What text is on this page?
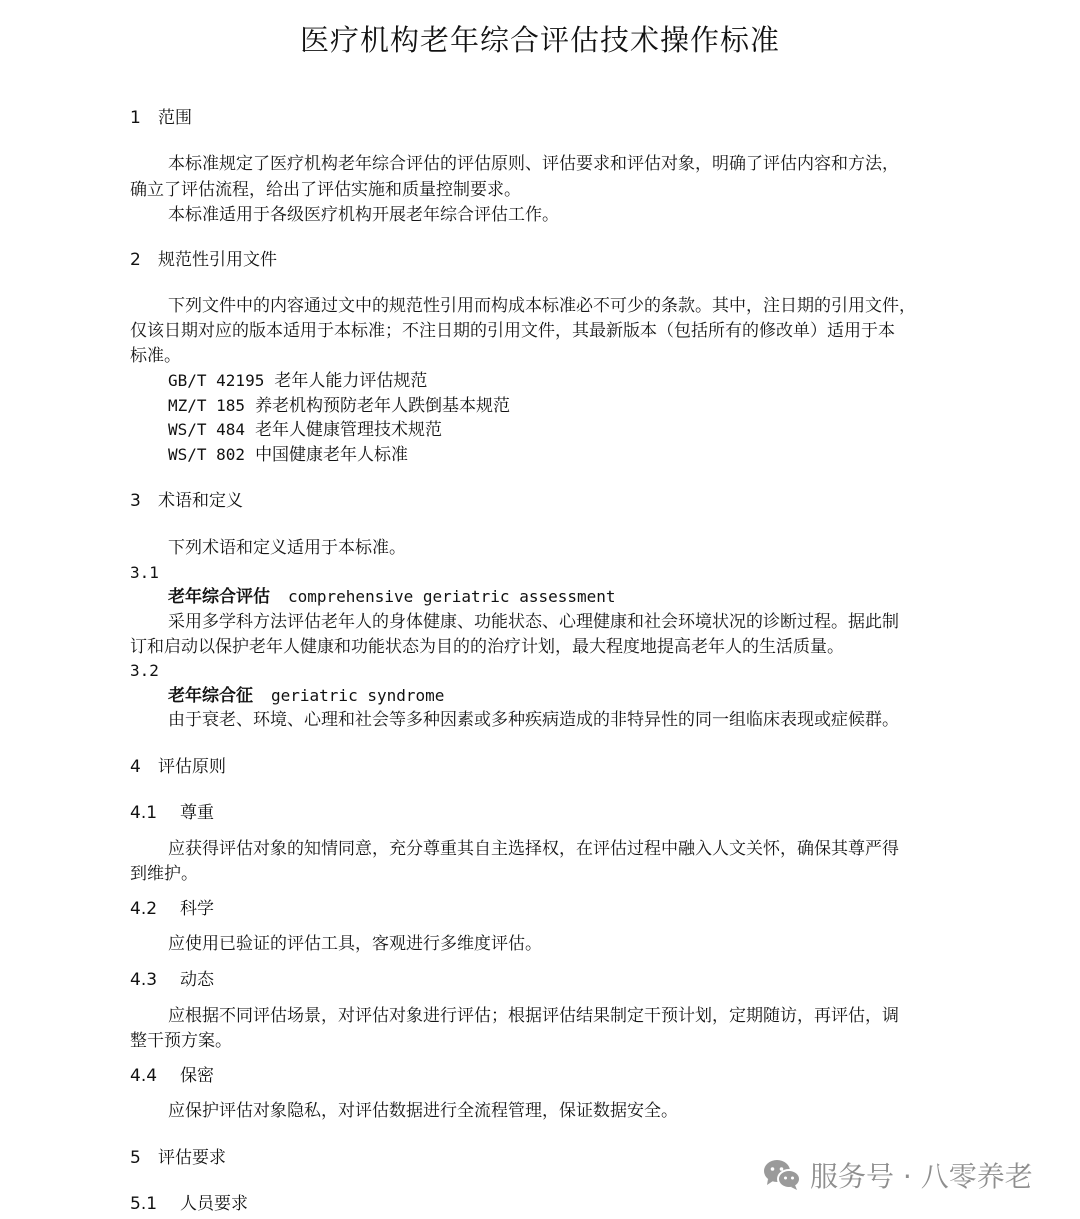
医疗机构老年综合评估技术操作标准
1 范围
本标准规定了医疗机构老年综合评估的评估原则、评估要求和评估对象，明确了评估内容和方法，
确立了评估流程，给出了评估实施和质量控制要求。
本标准适用于各级医疗机构开展老年综合评估工作。
2 规范性引用文件
下列文件中的内容通过文中的规范性引用而构成本标准必不可少的条款。其中，注日期的引用文件，
仅该日期对应的版本适用于本标准；不注日期的引用文件，其最新版本（包括所有的修改单）适用于本
标准。
GB/T 42195 老年人能力评估规范
MZ/T 185 养老机构预防老年人跌倒基本规范
WS/T 484 老年人健康管理技术规范
WS/T 802 中国健康老年人标准
3 术语和定义
下列术语和定义适用于本标准。
3.1
老年综合评估 comprehensive geriatric assessment
采用多学科方法评估老年人的身体健康、功能状态、心理健康和社会环境状况的诊断过程。据此制
订和启动以保护老年人健康和功能状态为目的的治疗计划，最大程度地提高老年人的生活质量。
3.2
老年综合征 geriatric syndrome
由于衰老、环境、心理和社会等多种因素或多种疾病造成的非特异性的同一组临床表现或症候群。
4 评估原则
4.1 尊重
应获得评估对象的知情同意，充分尊重其自主选择权，在评估过程中融入人文关怀，确保其尊严得
到维护。
4.2 科学
应使用已验证的评估工具，客观进行多维度评估。
4.3 动态
应根据不同评估场景，对评估对象进行评估；根据评估结果制定干预计划，定期随访，再评估，调
整干预方案。
4.4 保密
应保护评估对象隐私，对评估数据进行全流程管理，保证数据安全。
5 评估要求
5.1 人员要求
服务号 · 八零养老
